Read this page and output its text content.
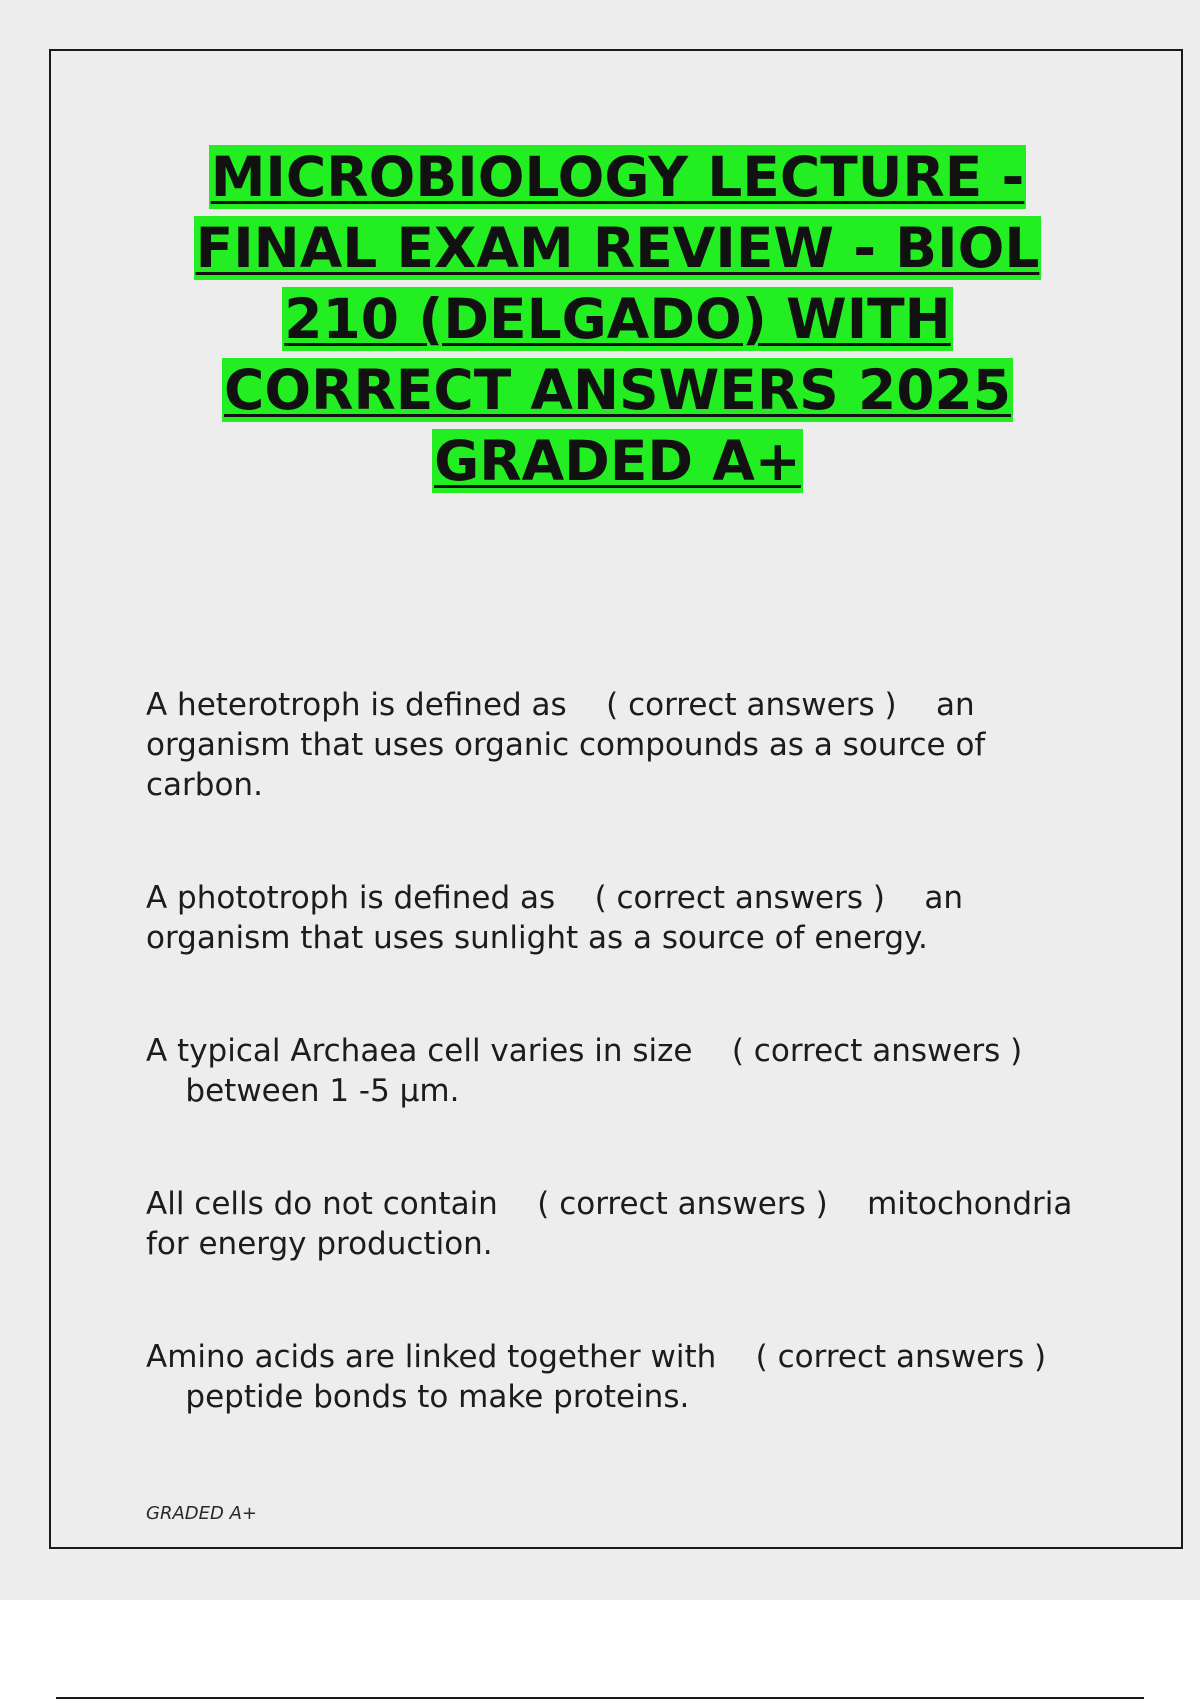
MICROBIOLOGY LECTURE - FINAL EXAM REVIEW - BIOL 210 (DELGADO) WITH CORRECT ANSWERS 2025 GRADED A+

A heterotroph is defined as ( correct answers ) an organism that uses organic compounds as a source of carbon.

A phototroph is defined as ( correct answers ) an organism that uses sunlight as a source of energy.

A typical Archaea cell varies in size ( correct answers )    between 1 -5 μm.

All cells do not contain ( correct answers ) mitochondria for energy production.

Amino acids are linked together with ( correct answers )    peptide bonds to make proteins.

GRADED A+
